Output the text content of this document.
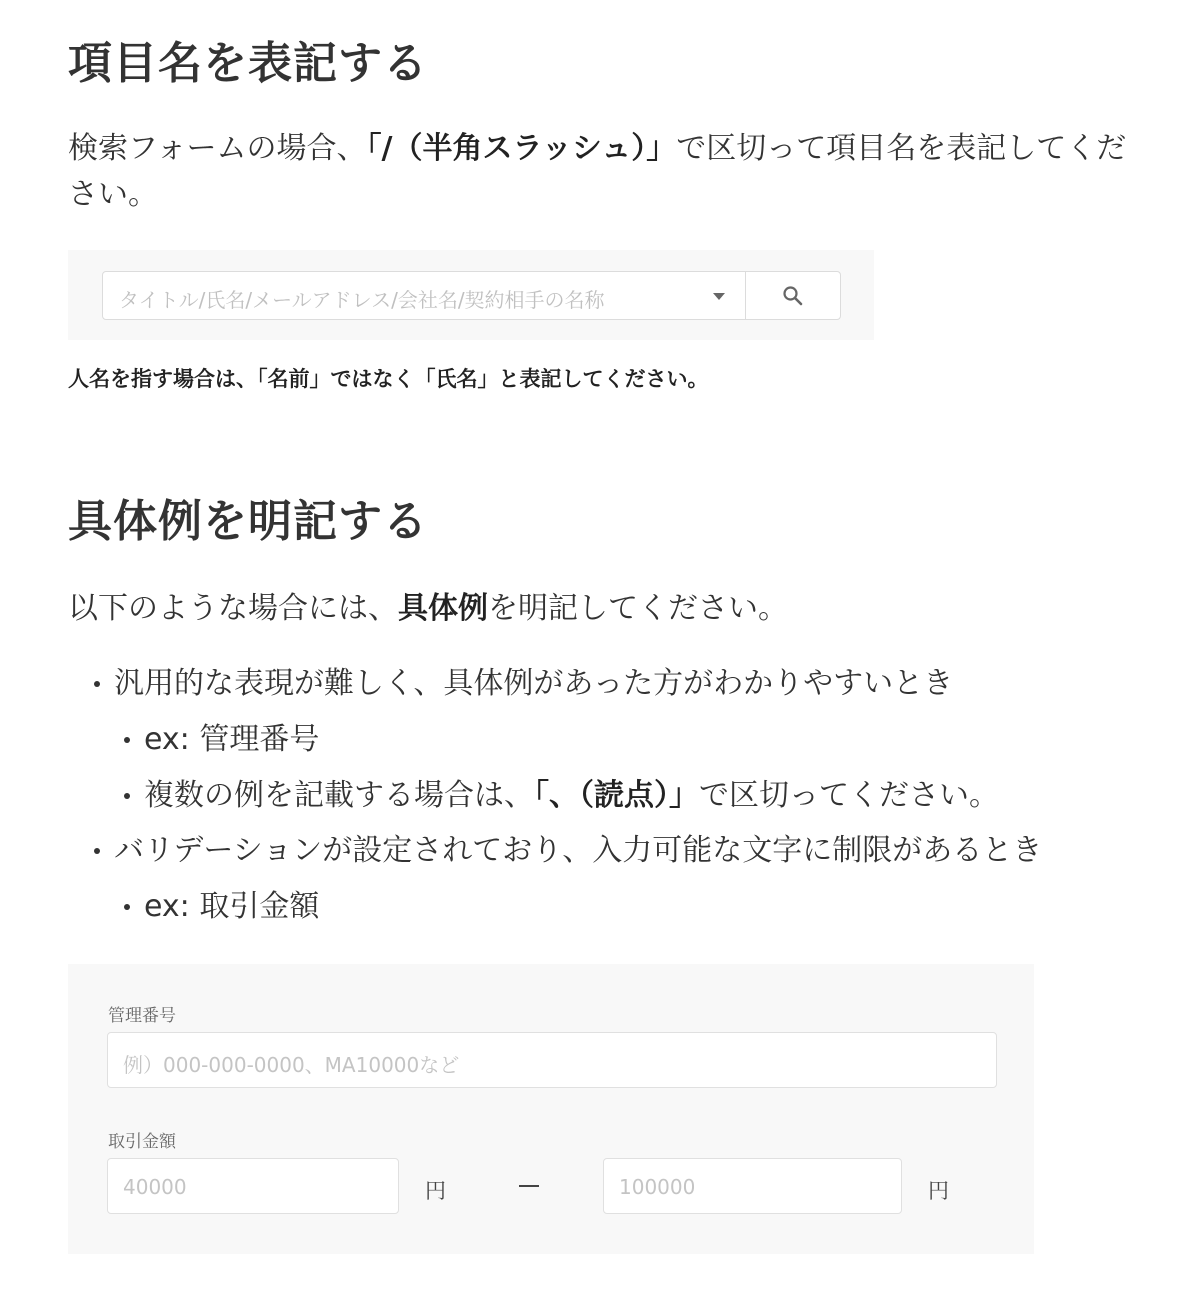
項目名を表記する

検索フォームの場合、「/（半角スラッシュ）」で区切って項目名を表記してください。

タイトル/氏名/メールアドレス/会社名/契約相手の名称

人名を指す場合は、「名前」ではなく「氏名」と表記してください。

具体例を明記する

以下のような場合には、具体例を明記してください。

汎用的な表現が難しく、具体例があった方がわかりやすいとき
ex: 管理番号
複数の例を記載する場合は、「、（読点）」で区切ってください。
バリデーションが設定されており、入力可能な文字に制限があるとき
ex: 取引金額
管理番号
例）000-000-0000、MA10000など
取引金額
40000	円	100000	円
